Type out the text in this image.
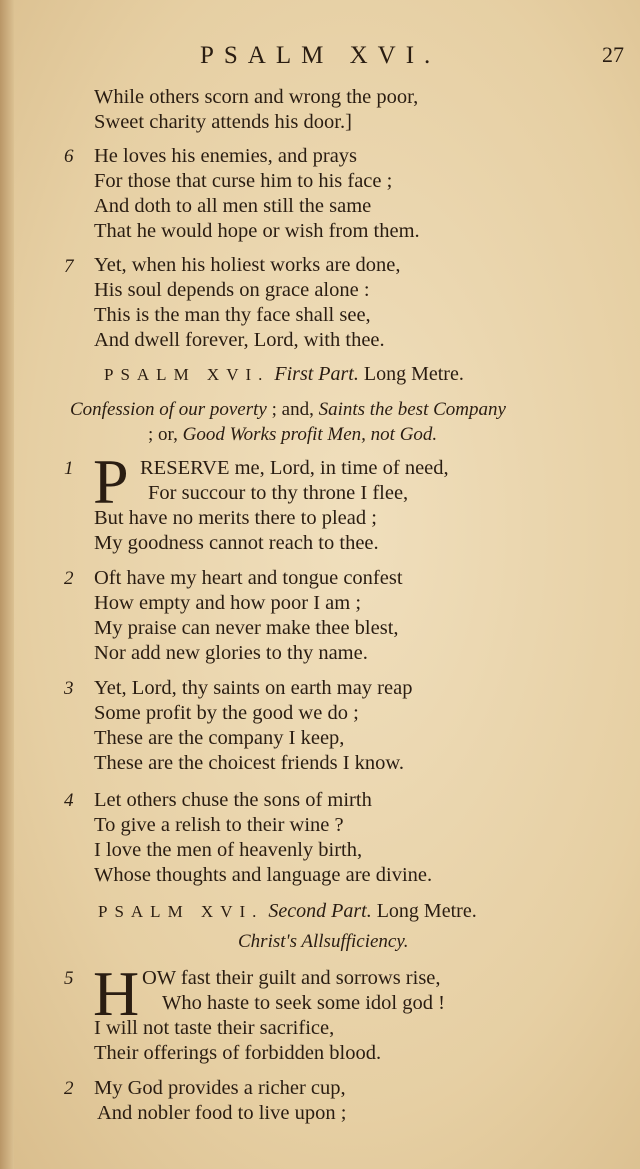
PSALM XVI.	27
While others scorn and wrong the poor,
Sweet charity attends his door.]
6 He loves his enemies, and prays
For those that curse him to his face ;
And doth to all men still the same
That he would hope or wish from them.
7 Yet, when his holiest works are done,
His soul depends on grace alone :
This is the man thy face shall see,
And dwell forever, Lord, with thee.
PSALM XVI. First Part. Long Metre.
Confession of our poverty ; and, Saints the best Company
; or, Good Works profit Men, not God.
1 P RESERVE me, Lord, in time of need,
For succour to thy throne I flee,
But have no merits there to plead ;
My goodness cannot reach to thee.
2 Oft have my heart and tongue confest
How empty and how poor I am ;
My praise can never make thee blest,
Nor add new glories to thy name.
3 Yet, Lord, thy saints on earth may reap
Some profit by the good we do ;
These are the company I keep,
These are the choicest friends I know.
4 Let others chuse the sons of mirth
To give a relish to their wine ?
I love the men of heavenly birth,
Whose thoughts and language are divine.
PSALM XVI. Second Part. Long Metre.
Christ's Allsufficiency.
5 H OW fast their guilt and sorrows rise,
Who haste to seek some idol god !
I will not taste their sacrifice,
Their offerings of forbidden blood.
2 My God provides a richer cup,
And nobler food to live upon ;
